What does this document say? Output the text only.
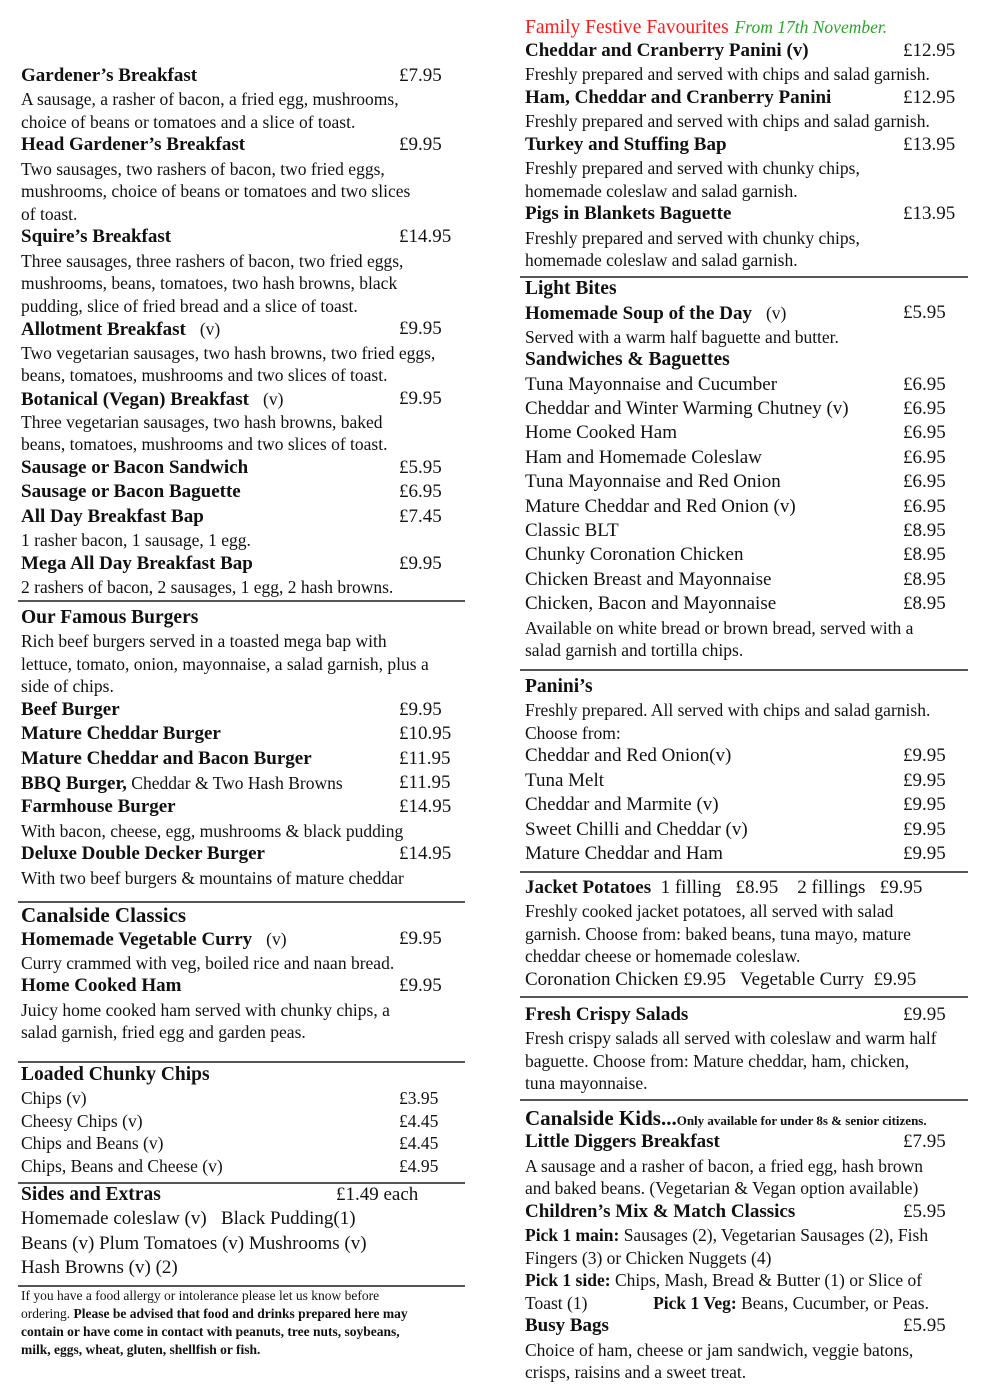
Gardener’s Breakfast	£7.95
A sausage, a rasher of bacon, a fried egg, mushrooms,
choice of beans or tomatoes and a slice of toast.
Head Gardener’s Breakfast	£9.95
Two sausages, two rashers of bacon, two fried eggs,
mushrooms, choice of beans or tomatoes and two slices
of toast.
Squire’s Breakfast	£14.95
Three sausages, three rashers of bacon, two fried eggs,
mushrooms, beans, tomatoes, two hash browns, black
pudding, slice of fried bread and a slice of toast.
Allotment Breakfast (v)	£9.95
Two vegetarian sausages, two hash browns, two fried eggs,
beans, tomatoes, mushrooms and two slices of toast.
Botanical (Vegan) Breakfast (v)	£9.95
Three vegetarian sausages, two hash browns, baked
beans, tomatoes, mushrooms and two slices of toast.
Sausage or Bacon Sandwich	£5.95
Sausage or Bacon Baguette	£6.95
All Day Breakfast Bap	£7.45
1 rasher bacon, 1 sausage, 1 egg.
Mega All Day Breakfast Bap	£9.95
2 rashers of bacon, 2 sausages, 1 egg, 2 hash browns.
Our Famous Burgers
Rich beef burgers served in a toasted mega bap with
lettuce, tomato, onion, mayonnaise, a salad garnish, plus a
side of chips.
Beef Burger	£9.95
Mature Cheddar Burger	£10.95
Mature Cheddar and Bacon Burger	£11.95
BBQ Burger, Cheddar & Two Hash Browns	£11.95
Farmhouse Burger	£14.95
With bacon, cheese, egg, mushrooms & black pudding
Deluxe Double Decker Burger	£14.95
With two beef burgers & mountains of mature cheddar
Canalside Classics
Homemade Vegetable Curry (v)	£9.95
Curry crammed with veg, boiled rice and naan bread.
Home Cooked Ham	£9.95
Juicy home cooked ham served with chunky chips, a
salad garnish, fried egg and garden peas.
Loaded Chunky Chips
Chips (v)	£3.95
Cheesy Chips (v)	£4.45
Chips and Beans (v)	£4.45
Chips, Beans and Cheese (v)	£4.95
Sides and Extras	£1.49 each
Homemade coleslaw (v)   Black Pudding(1)
Beans (v) Plum Tomatoes (v) Mushrooms (v)
Hash Browns (v) (2)
If you have a food allergy or intolerance please let us know before
ordering. Please be advised that food and drinks prepared here may
contain or have come in contact with peanuts, tree nuts, soybeans,
milk, eggs, wheat, gluten, shellfish or fish.
Family Festive Favourites From 17th November.
Cheddar and Cranberry Panini (v)	£12.95
Freshly prepared and served with chips and salad garnish.
Ham, Cheddar and Cranberry Panini	£12.95
Freshly prepared and served with chips and salad garnish.
Turkey and Stuffing Bap	£13.95
Freshly prepared and served with chunky chips,
homemade coleslaw and salad garnish.
Pigs in Blankets Baguette	£13.95
Freshly prepared and served with chunky chips,
homemade coleslaw and salad garnish.
Light Bites
Homemade Soup of the Day (v)	£5.95
Served with a warm half baguette and butter.
Sandwiches & Baguettes
Tuna Mayonnaise and Cucumber	£6.95
Cheddar and Winter Warming Chutney (v)	£6.95
Home Cooked Ham	£6.95
Ham and Homemade Coleslaw	£6.95
Tuna Mayonnaise and Red Onion	£6.95
Mature Cheddar and Red Onion (v)	£6.95
Classic BLT	£8.95
Chunky Coronation Chicken	£8.95
Chicken Breast and Mayonnaise	£8.95
Chicken, Bacon and Mayonnaise	£8.95
Available on white bread or brown bread, served with a
salad garnish and tortilla chips.
Panini’s
Freshly prepared. All served with chips and salad garnish.
Choose from:
Cheddar and Red Onion(v)	£9.95
Tuna Melt	£9.95
Cheddar and Marmite (v)	£9.95
Sweet Chilli and Cheddar (v)	£9.95
Mature Cheddar and Ham	£9.95
Jacket Potatoes  1 filling   £8.95    2 fillings   £9.95
Freshly cooked jacket potatoes, all served with salad
garnish. Choose from: baked beans, tuna mayo, mature
cheddar cheese or homemade coleslaw.
Coronation Chicken £9.95   Vegetable Curry  £9.95
Fresh Crispy Salads	£9.95
Fresh crispy salads all served with coleslaw and warm half
baguette. Choose from: Mature cheddar, ham, chicken,
tuna mayonnaise.
Canalside Kids...Only available for under 8s & senior citizens.
Little Diggers Breakfast	£7.95
A sausage and a rasher of bacon, a fried egg, hash brown
and baked beans. (Vegetarian & Vegan option available)
Children’s Mix & Match Classics	£5.95
Pick 1 main: Sausages (2), Vegetarian Sausages (2), Fish
Fingers (3) or Chicken Nuggets (4)
Pick 1 side: Chips, Mash, Bread & Butter (1) or Slice of
Toast (1)               Pick 1 Veg: Beans, Cucumber, or Peas.
Busy Bags	£5.95
Choice of ham, cheese or jam sandwich, veggie batons,
crisps, raisins and a sweet treat.
